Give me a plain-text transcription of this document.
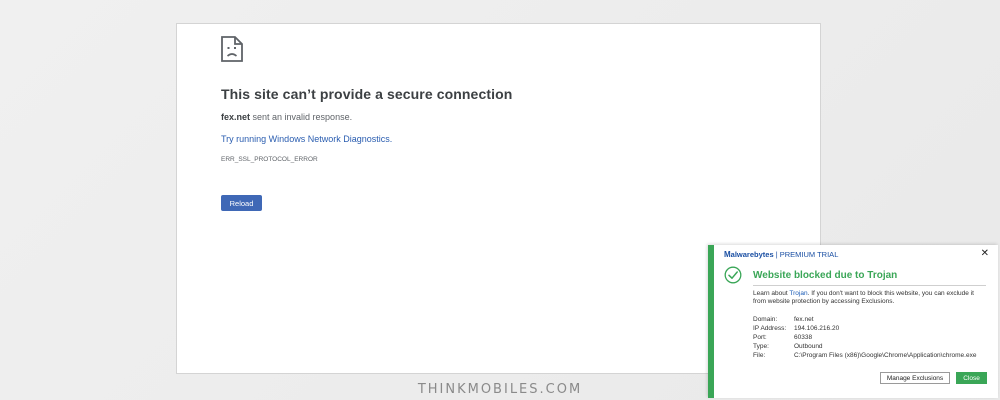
This site can’t provide a secure connection
fex.net sent an invalid response.
Try running Windows Network Diagnostics.
ERR_SSL_PROTOCOL_ERROR
Reload
Malwarebytes | PREMIUM TRIAL	✕
Website blocked due to Trojan
Learn about Trojan. If you don't want to block this website, you can exclude it from website protection by accessing Exclusions.
Domain:	fex.net
IP Address:	194.106.216.20
Port:	60338
Type:	Outbound
File:	C:\Program Files (x86)\Google\Chrome\Application\chrome.exe
Manage Exclusions	Close
THINKMOBILES.COM
